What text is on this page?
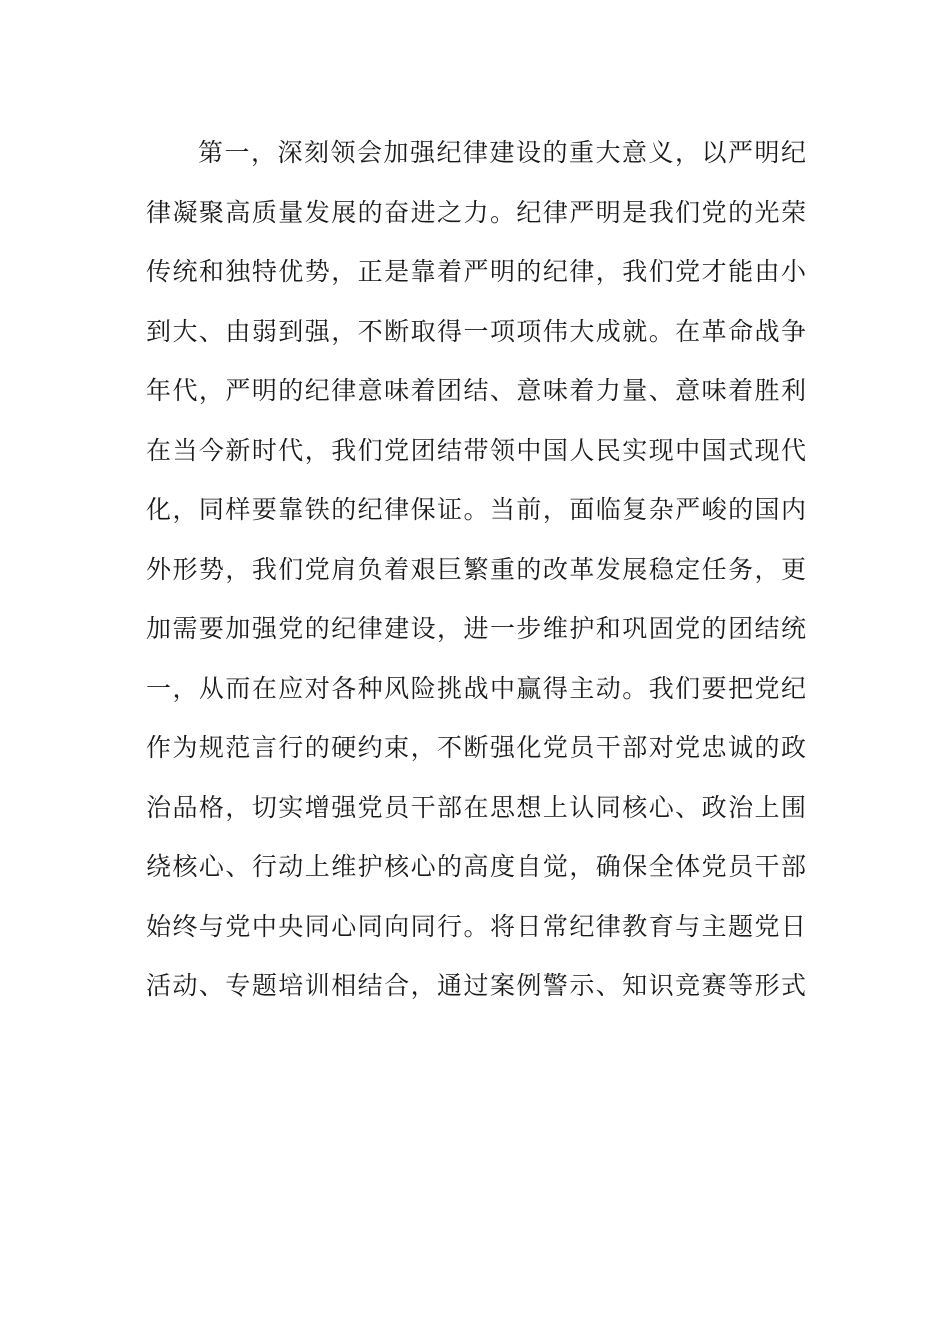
第一，深刻领会加强纪律建设的重大意义，以严明纪
律凝聚高质量发展的奋进之力。纪律严明是我们党的光荣
传统和独特优势，正是靠着严明的纪律，我们党才能由小
到大、由弱到强，不断取得一项项伟大成就。在革命战争
年代，严明的纪律意味着团结、意味着力量、意味着胜利
在当今新时代，我们党团结带领中国人民实现中国式现代
化，同样要靠铁的纪律保证。当前，面临复杂严峻的国内
外形势，我们党肩负着艰巨繁重的改革发展稳定任务，更
加需要加强党的纪律建设，进一步维护和巩固党的团结统
一，从而在应对各种风险挑战中赢得主动。我们要把党纪
作为规范言行的硬约束，不断强化党员干部对党忠诚的政
治品格，切实增强党员干部在思想上认同核心、政治上围
绕核心、行动上维护核心的高度自觉，确保全体党员干部
始终与党中央同心同向同行。将日常纪律教育与主题党日
活动、专题培训相结合，通过案例警示、知识竞赛等形式
